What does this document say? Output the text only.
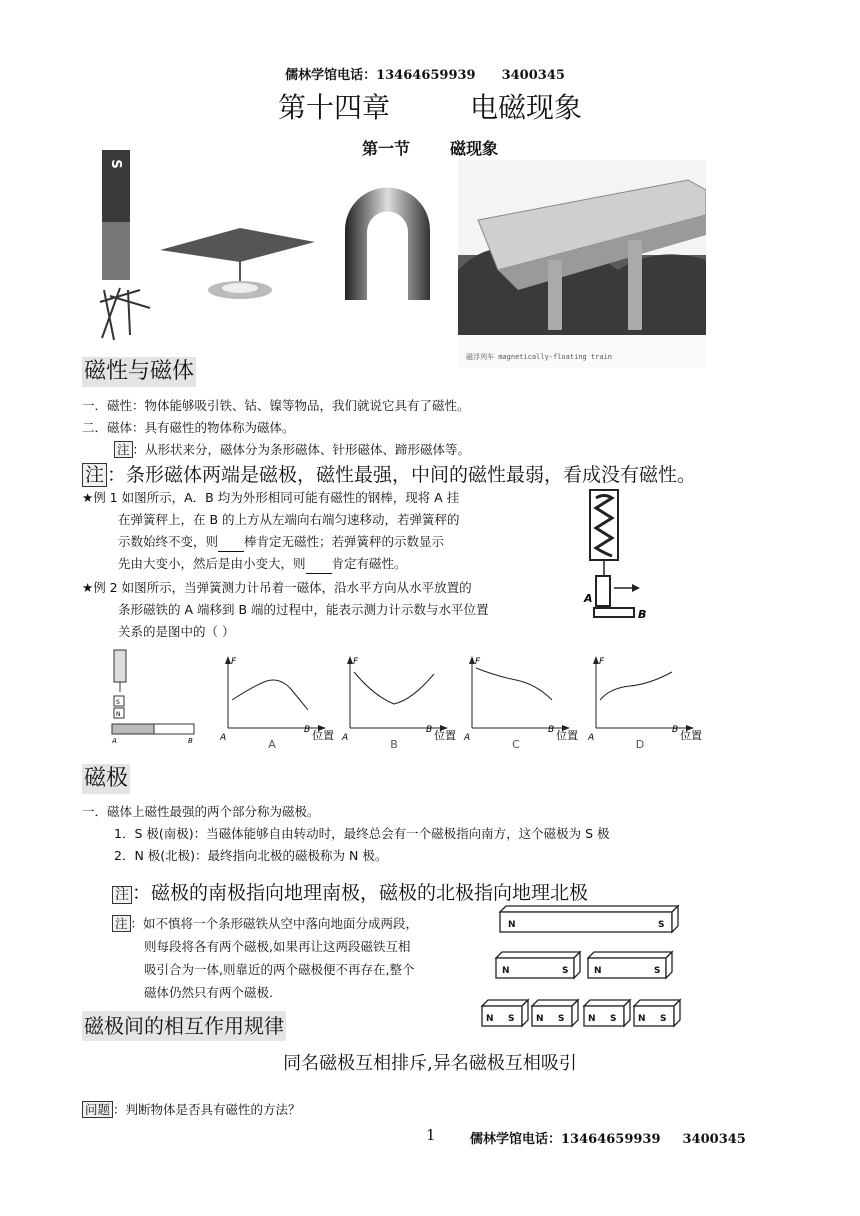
儒林学馆电话：13464659939 3400345
第十四章	电磁现象
第一节	磁现象
S
磁浮列车 magnetically-floating train
磁性与磁体
一．磁性：物体能够吸引铁、钴、镍等物品，我们就说它具有了磁性。
二．磁体：具有磁性的物体称为磁体。
注 ：从形状来分，磁体分为条形磁体、针形磁体、蹄形磁体等。
注 ：条形磁体两端是磁极，磁性最强，中间的磁性最弱，看成没有磁性。
★例 1 如图所示，A．B 均为外形相同可能有磁性的钢棒，现将 A 挂
在弹簧秤上，在 B 的上方从左端向右端匀速移动，若弹簧秤的
示数始终不变，则 棒肯定无磁性；若弹簧秤的示数显示
先由大变小，然后是由小变大，则 肯定有磁性。
★例 2 如图所示，当弹簧测力计吊着一磁体，沿水平方向从水平放置的
条形磁铁的 A 端移到 B 端的过程中，能表示测力计示数与水平位置
关系的是图中的（ ）
A
B
S
N
A	B
F
A
B 位置
A
F
A
B 位置
B
F
A
B 位置
C
F
A
B 位置
D
磁极
一．磁体上磁性最强的两个部分称为磁极。
1．S 极(南极)：当磁体能够自由转动时，最终总会有一个磁极指向南方，这个磁极为 S 极
2．N 极(北极)：最终指向北极的磁极称为 N 极。
注 ：磁极的南极指向地理南极，磁极的北极指向地理北极
注 ：如不慎将一个条形磁铁从空中落向地面分成两段，
则每段将各有两个磁极,如果再让这两段磁铁互相
吸引合为一体,则靠近的两个磁极便不再存在,整个
磁体仍然只有两个磁极.
N	S
N	S	N	S
N S N S	N S N S
磁极间的相互作用规律
同名磁极互相排斥,异名磁极互相吸引
问题 ：判断物体是否具有磁性的方法？
1	儒林学馆电话：13464659939 3400345
